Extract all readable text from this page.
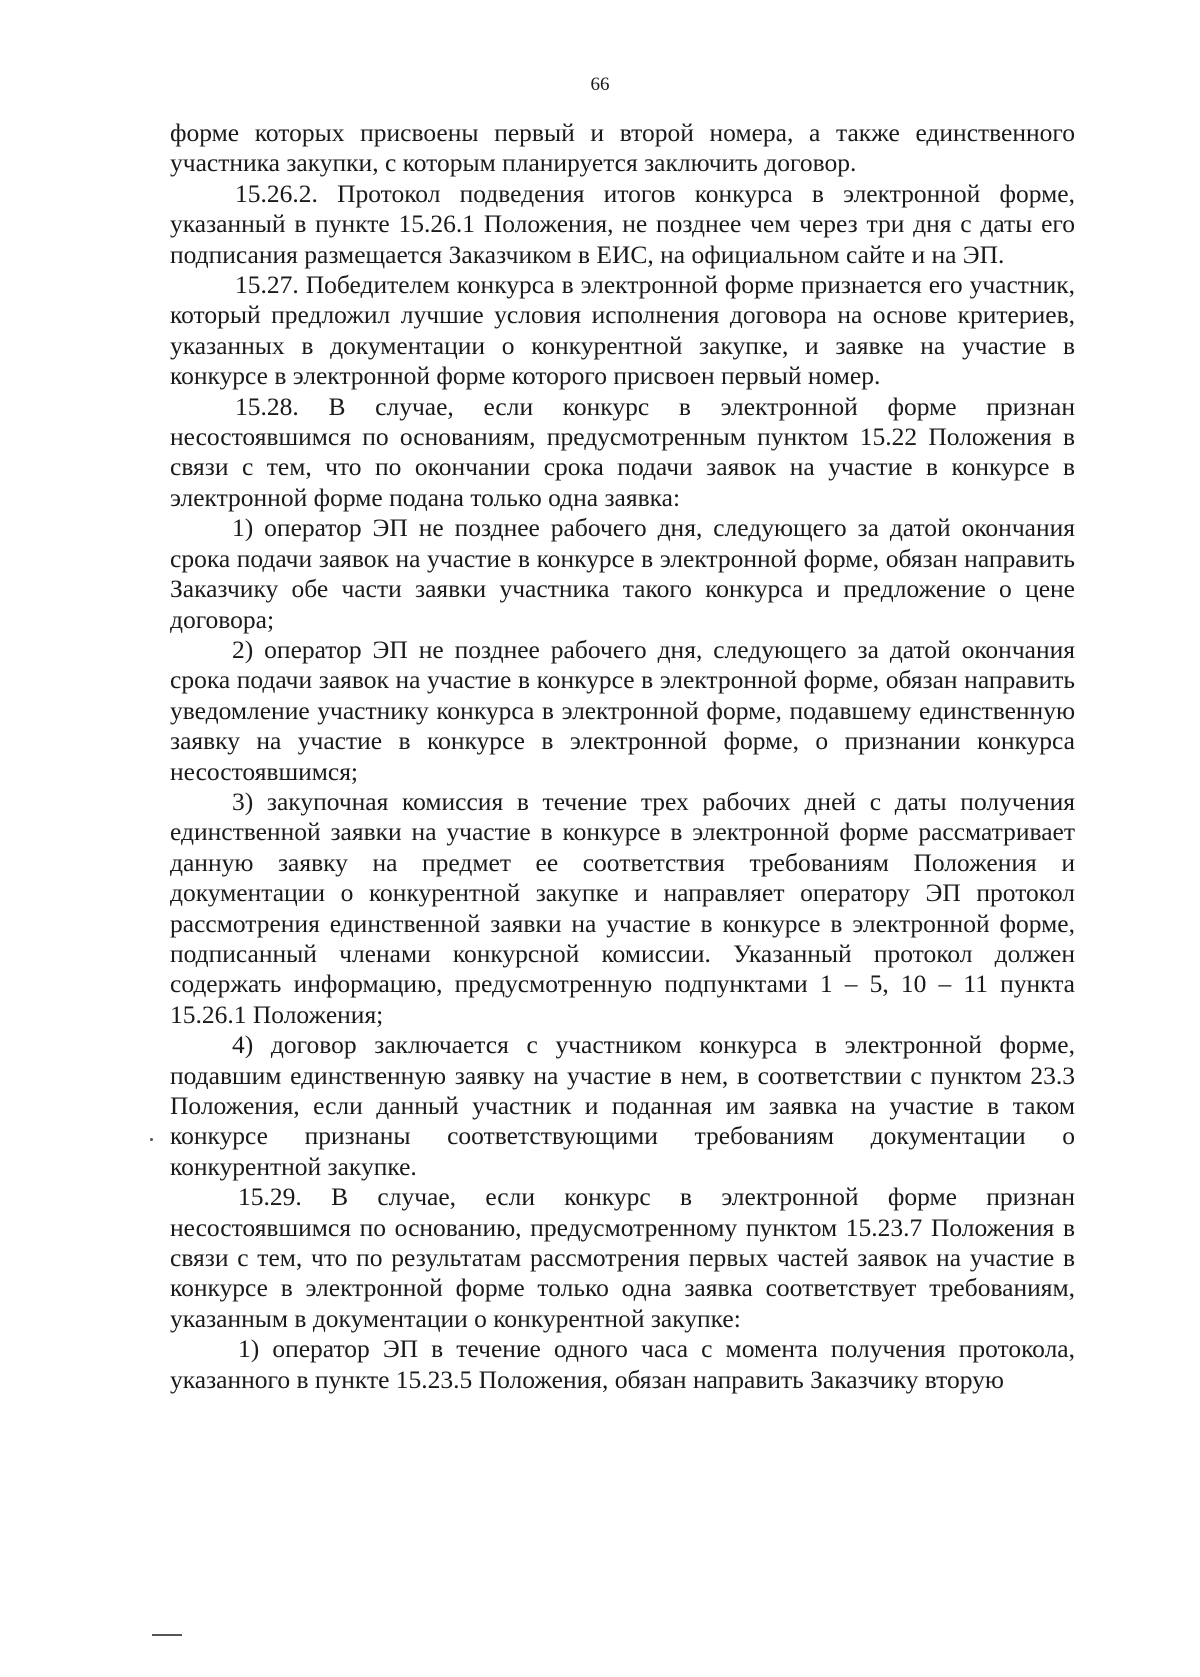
66

форме которых присвоены первый и второй номера, а также единственного участника закупки, с которым планируется заключить договор.

15.26.2. Протокол подведения итогов конкурса в электронной форме, указанный в пункте 15.26.1 Положения, не позднее чем через три дня с даты его подписания размещается Заказчиком в ЕИС, на официальном сайте и на ЭП.

15.27. Победителем конкурса в электронной форме признается его участник, который предложил лучшие условия исполнения договора на основе критериев, указанных в документации о конкурентной закупке, и заявке на участие в конкурсе в электронной форме которого присвоен первый номер.

15.28. В случае, если конкурс в электронной форме признан несостоявшимся по основаниям, предусмотренным пунктом 15.22 Положения в связи с тем, что по окончании срока подачи заявок на участие в конкурсе в электронной форме подана только одна заявка:

1) оператор ЭП не позднее рабочего дня, следующего за датой окончания срока подачи заявок на участие в конкурсе в электронной форме, обязан направить Заказчику обе части заявки участника такого конкурса и предложение о цене договора;

2) оператор ЭП не позднее рабочего дня, следующего за датой окончания срока подачи заявок на участие в конкурсе в электронной форме, обязан направить уведомление участнику конкурса в электронной форме, подавшему единственную заявку на участие в конкурсе в электронной форме, о признании конкурса несостоявшимся;

3) закупочная комиссия в течение трех рабочих дней с даты получения единственной заявки на участие в конкурсе в электронной форме рассматривает данную заявку на предмет ее соответствия требованиям Положения и документации о конкурентной закупке и направляет оператору ЭП протокол рассмотрения единственной заявки на участие в конкурсе в электронной форме, подписанный членами конкурсной комиссии. Указанный протокол должен содержать информацию, предусмотренную подпунктами 1 – 5, 10 – 11 пункта 15.26.1 Положения;

4) договор заключается с участником конкурса в электронной форме, подавшим единственную заявку на участие в нем, в соответствии с пунктом 23.3 Положения, если данный участник и поданная им заявка на участие в таком конкурсе признаны соответствующими требованиям документации о конкурентной закупке.

15.29. В случае, если конкурс в электронной форме признан несостоявшимся по основанию, предусмотренному пунктом 15.23.7 Положения в связи с тем, что по результатам рассмотрения первых частей заявок на участие в конкурсе в электронной форме только одна заявка соответствует требованиям, указанным в документации о конкурентной закупке:

1) оператор ЭП в течение одного часа с момента получения протокола, указанного в пункте 15.23.5 Положения, обязан направить Заказчику вторую
